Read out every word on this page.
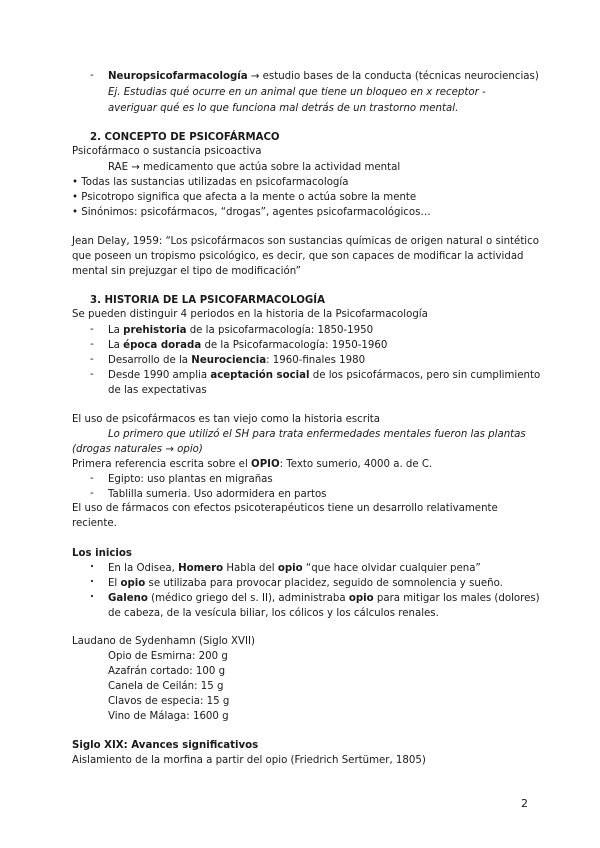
- Neuropsicofarmacología → estudio bases de la conducta (técnicas neurociencias)
Ej. Estudias qué ocurre en un animal que tiene un bloqueo en x receptor -
averiguar qué es lo que funciona mal detrás de un trastorno mental.
2. CONCEPTO DE PSICOFÁRMACO
Psicofármaco o sustancia psicoactiva
RAE → medicamento que actúa sobre la actividad mental
• Todas las sustancias utilizadas en psicofarmacología
• Psicotropo significa que afecta a la mente o actúa sobre la mente
• Sinónimos: psicofármacos, “drogas”, agentes psicofarmacológicos…
Jean Delay, 1959: “Los psicofármacos son sustancias químicas de origen natural o sintético
que poseen un tropismo psicológico, es decir, que son capaces de modificar la actividad
mental sin prejuzgar el tipo de modificación”
3. HISTORIA DE LA PSICOFARMACOLOGÍA
Se pueden distinguir 4 periodos en la historia de la Psicofarmacología
- La prehistoria de la psicofarmacología: 1850-1950
- La época dorada de la Psicofarmacología: 1950-1960
- Desarrollo de la Neurociencia: 1960-finales 1980
- Desde 1990 amplia aceptación social de los psicofármacos, pero sin cumplimiento
de las expectativas
El uso de psicofármacos es tan viejo como la historia escrita
Lo primero que utilizó el SH para trata enfermedades mentales fueron las plantas
(drogas naturales → opio)
Primera referencia escrita sobre el OPIO: Texto sumerio, 4000 a. de C.
- Egipto: uso plantas en migrañas
- Tablilla sumeria. Uso adormidera en partos
El uso de fármacos con efectos psicoterapéuticos tiene un desarrollo relativamente
reciente.
Los inicios
. En la Odisea, Homero Habla del opio “que hace olvidar cualquier pena”
. El opio se utilizaba para provocar placidez, seguido de somnolencia y sueño.
. Galeno (médico griego del s. II), administraba opio para mitigar los males (dolores)
de cabeza, de la vesícula biliar, los cólicos y los cálculos renales.
Laudano de Sydenhamn (Siglo XVII)
Opio de Esmirna: 200 g
Azafrán cortado: 100 g
Canela de Ceilán: 15 g
Clavos de especia: 15 g
Vino de Málaga: 1600 g
Siglo XIX: Avances significativos
Aislamiento de la morfina a partir del opio (Friedrich Sertümer, 1805)
2
